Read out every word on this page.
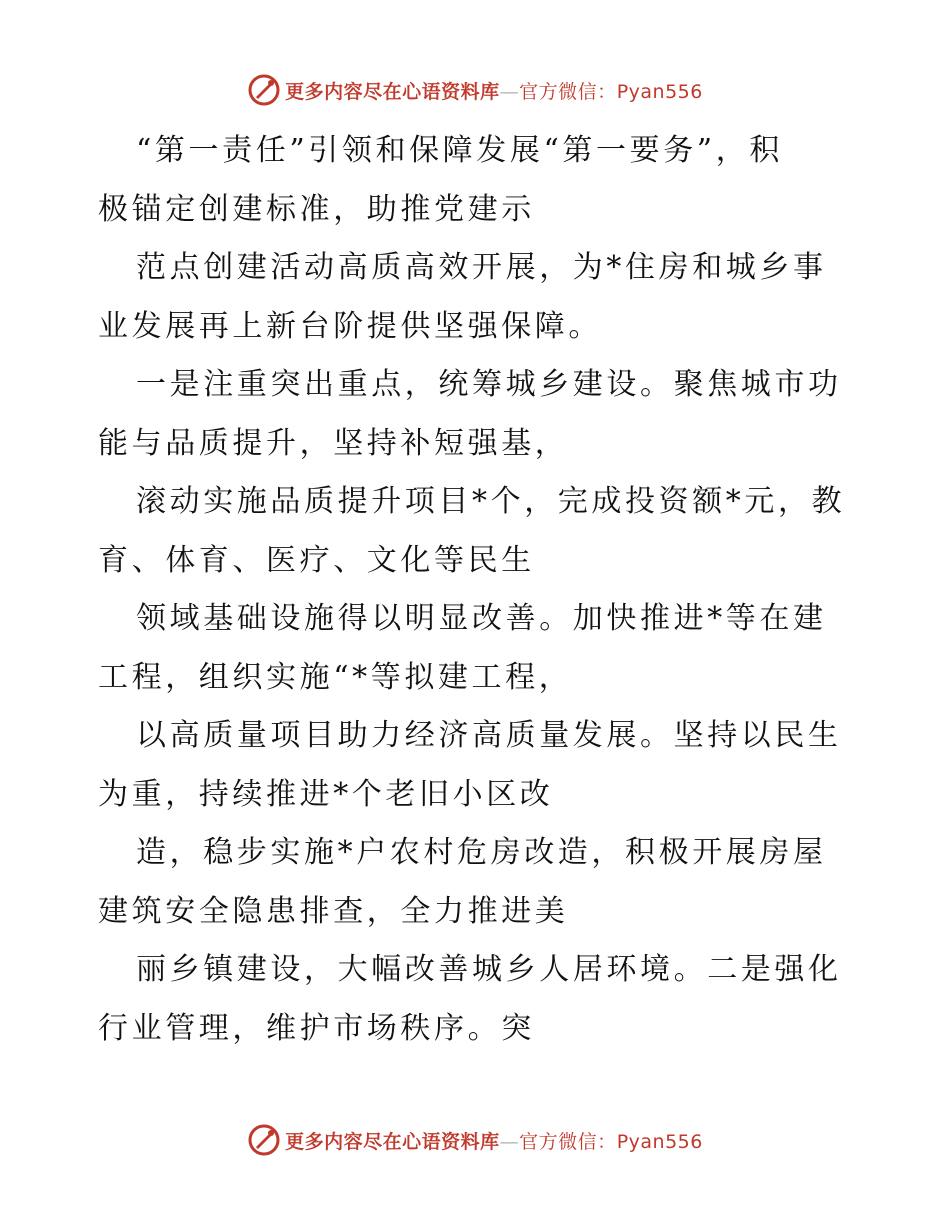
更多内容尽在心语资料库—官方微信：Pyan556
“第一责任”引领和保障发展“第一要务”，积
极锚定创建标准，助推党建示
范点创建活动高质高效开展，为*住房和城乡事
业发展再上新台阶提供坚强保障。
一是注重突出重点，统筹城乡建设。聚焦城市功
能与品质提升，坚持补短强基，
滚动实施品质提升项目*个，完成投资额*元，教
育、体育、医疗、文化等民生
领域基础设施得以明显改善。加快推进*等在建
工程，组织实施“*等拟建工程，
以高质量项目助力经济高质量发展。坚持以民生
为重，持续推进*个老旧小区改
造，稳步实施*户农村危房改造，积极开展房屋
建筑安全隐患排查，全力推进美
丽乡镇建设，大幅改善城乡人居环境。二是强化
行业管理，维护市场秩序。突
更多内容尽在心语资料库—官方微信：Pyan556
